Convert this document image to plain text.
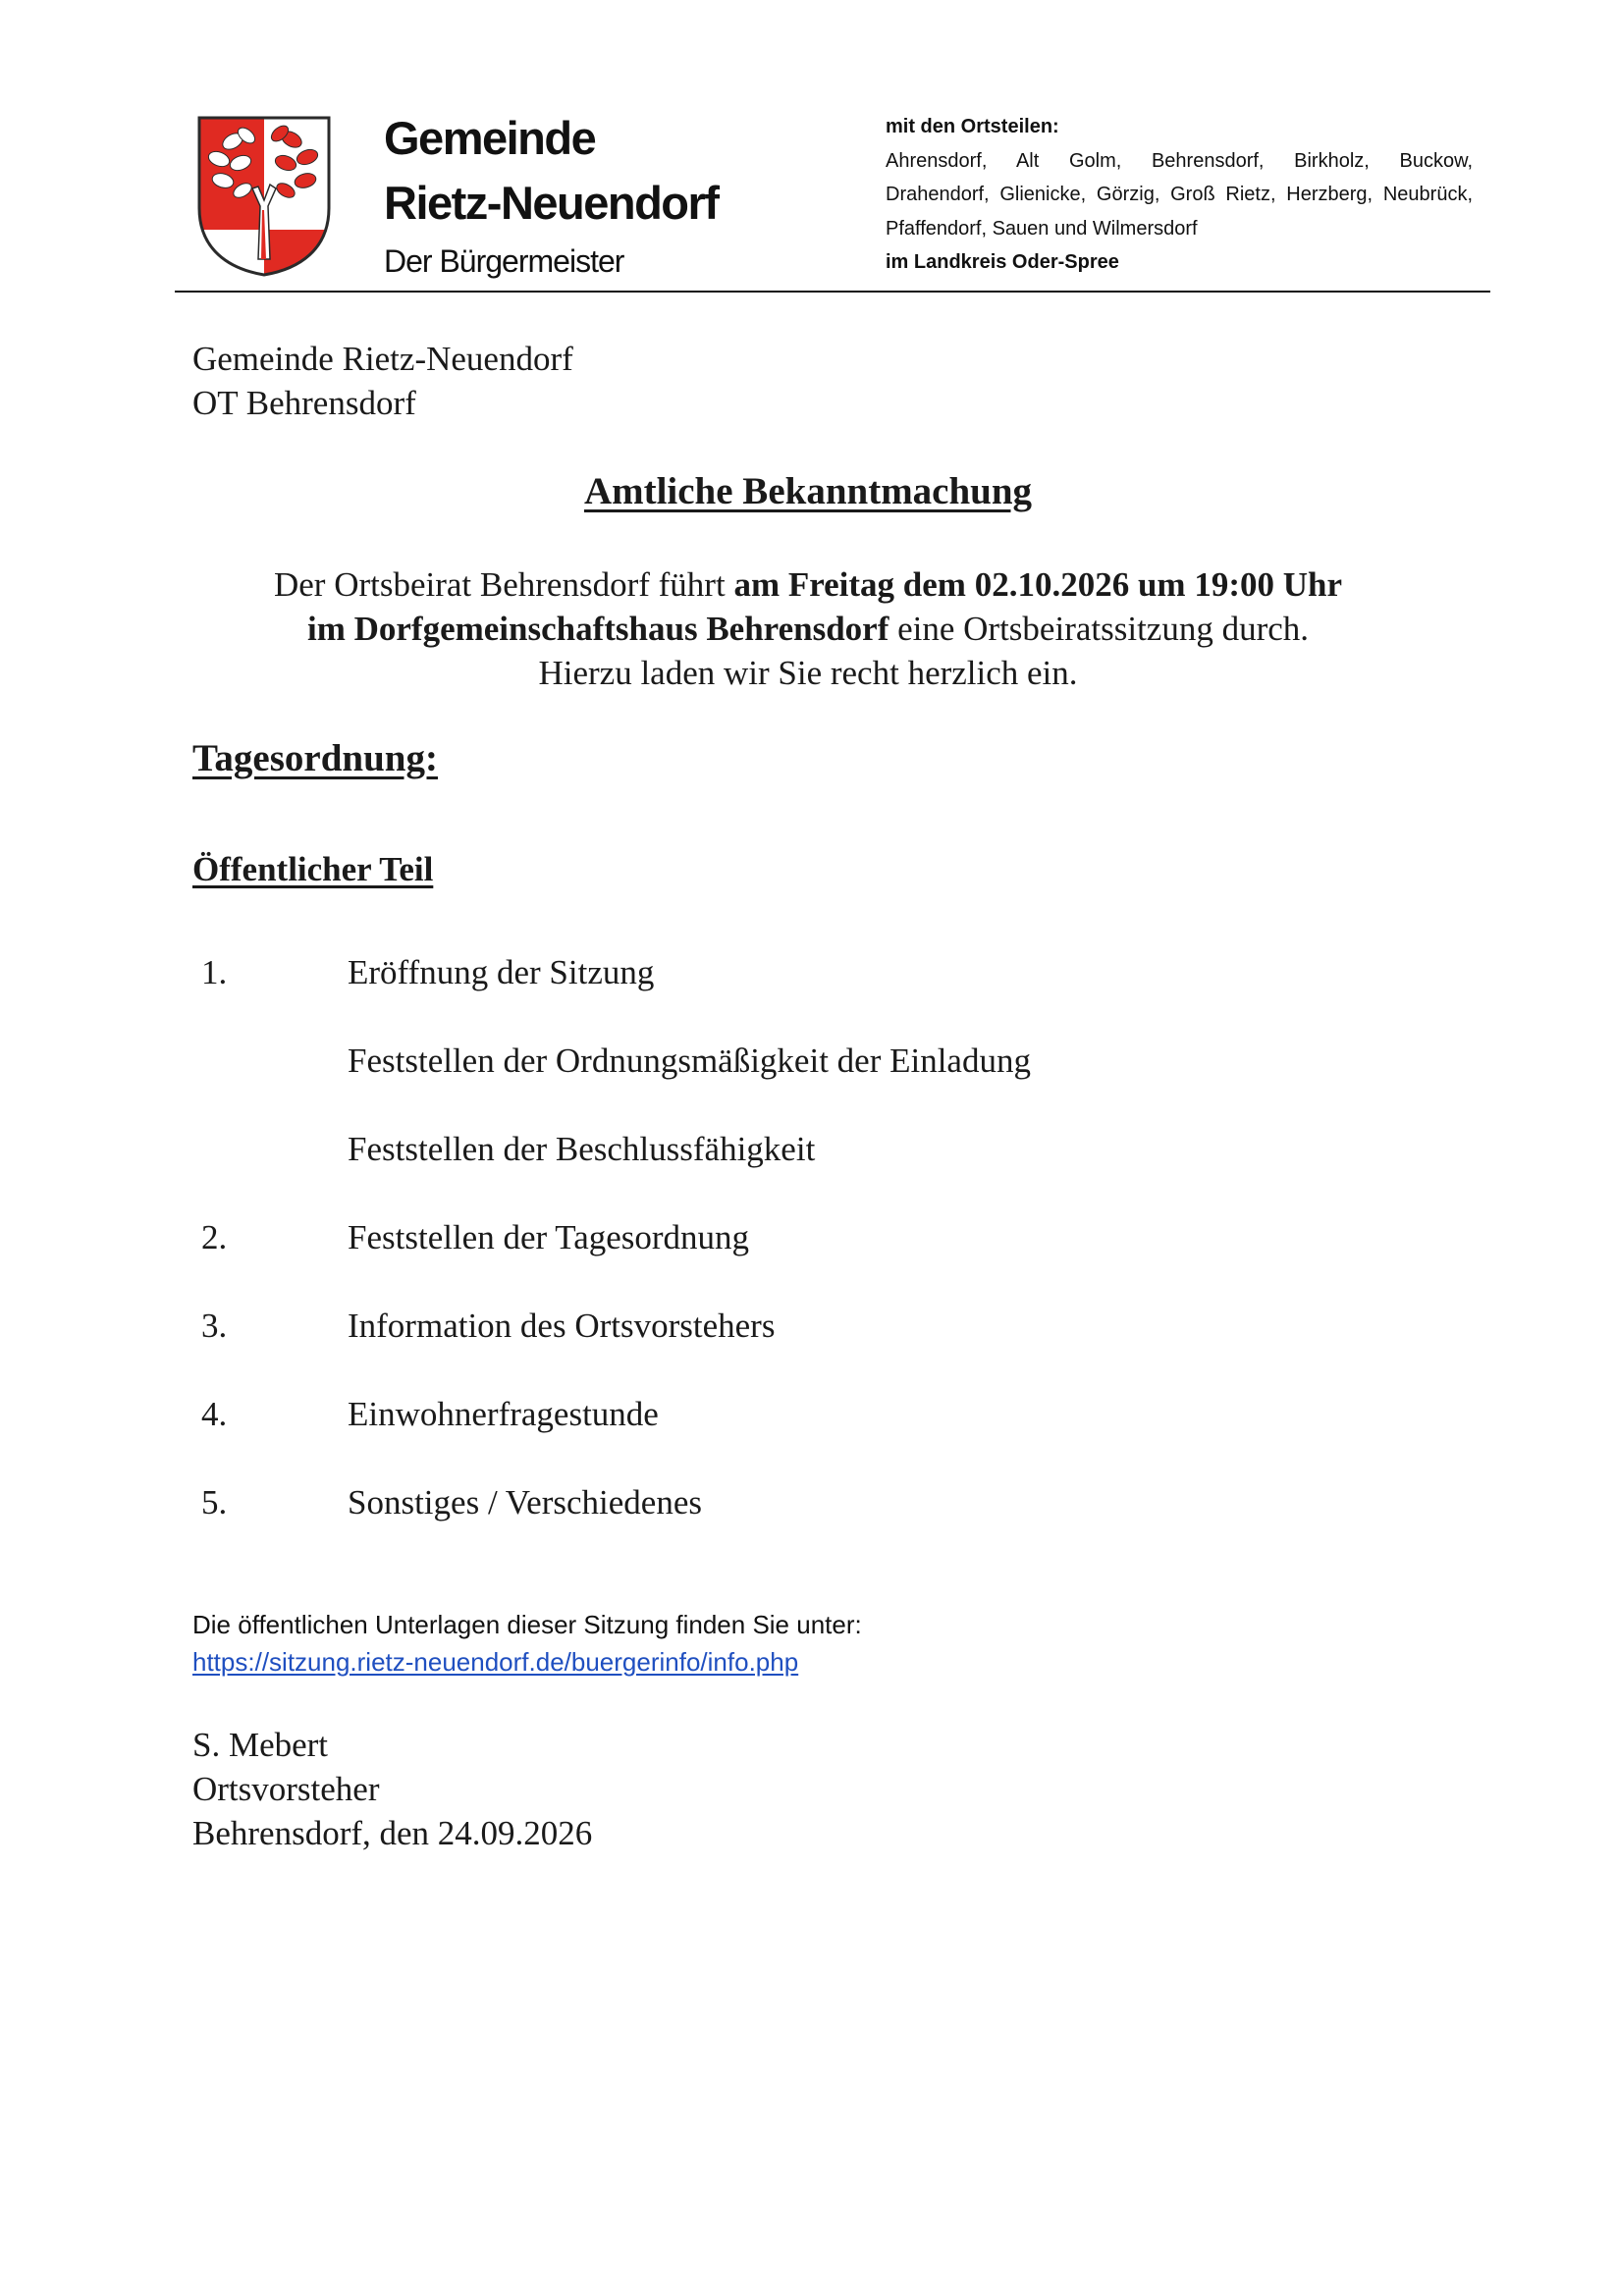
Gemeinde
Rietz-Neuendorf
Der Bürgermeister
mit den Ortsteilen:
Ahrensdorf, Alt Golm, Behrensdorf, Birkholz, Buckow,
Drahendorf, Glienicke, Görzig, Groß Rietz, Herzberg, Neubrück,
Pfaffendorf, Sauen und Wilmersdorf
im Landkreis Oder-Spree
Gemeinde Rietz-Neuendorf
OT Behrensdorf
Amtliche Bekanntmachung
Der Ortsbeirat Behrensdorf führt am Freitag dem 02.10.2026 um 19:00 Uhr
im Dorfgemeinschaftshaus Behrensdorf eine Ortsbeiratssitzung durch.
Hierzu laden wir Sie recht herzlich ein.
Tagesordnung:
Öffentlicher Teil
1.	Eröffnung der Sitzung
Feststellen der Ordnungsmäßigkeit der Einladung
Feststellen der Beschlussfähigkeit
2.	Feststellen der Tagesordnung
3.	Information des Ortsvorstehers
4.	Einwohnerfragestunde
5.	Sonstiges / Verschiedenes
Die öffentlichen Unterlagen dieser Sitzung finden Sie unter:
https://sitzung.rietz-neuendorf.de/buergerinfo/info.php
S. Mebert
Ortsvorsteher
Behrensdorf, den 24.09.2026
